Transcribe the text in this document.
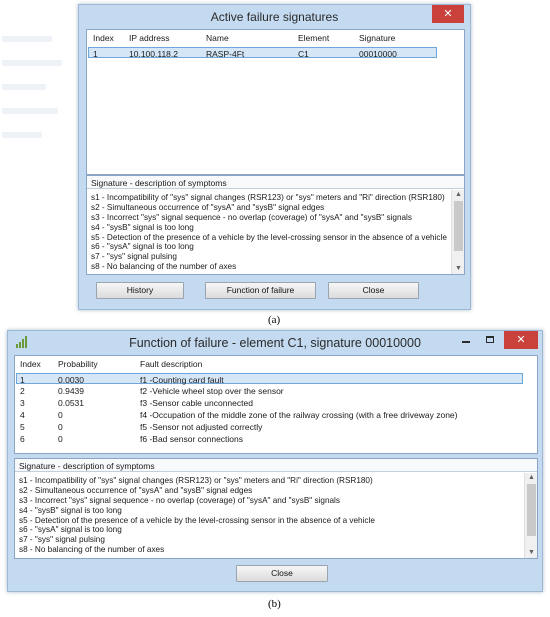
Active failure signatures	✕
Index IP address	Name	Element	Signature
1	10.100.118.2	RASP-4Ft	C1	00010000
Signature - description of symptoms
s1 - Incompatibility of "sys" signal changes (RSR123) or "sys" meters and "Ri" direction (RSR180)
s2 - Simultaneous occurrence of "sysA" and "sysB" signal edges
s3 - Incorrect "sys" signal sequence - no overlap (coverage) of "sysA" and "sysB" signals
s4 - "sysB" signal is too long
s5 - Detection of the presence of a vehicle by the level-crossing sensor in the absence of a vehicle
s6 - "sysA" signal is too long
s7 - "sys" signal pulsing
s8 - No balancing of the number of axes
▲
▼
History	Function of failure	Close
(a)
Function of failure - element C1, signature 00010000	✕
Index Probability	Fault description
1	0.0030	f1 -Counting card fault
2	0.9439	f2 -Vehicle wheel stop over the sensor
3	0.0531	f3 -Sensor cable unconnected
4	0	f4 -Occupation of the middle zone of the railway crossing (with a free driveway zone)
5	0	f5 -Sensor not adjusted correctly
6	0	f6 -Bad sensor connections
Signature - description of symptoms
s1 - Incompatibility of "sys" signal changes (RSR123) or "sys" meters and "Ri" direction (RSR180)
s2 - Simultaneous occurrence of "sysA" and "sysB" signal edges
s3 - Incorrect "sys" signal sequence - no overlap (coverage) of "sysA" and "sysB" signals
s4 - "sysB" signal is too long
s5 - Detection of the presence of a vehicle by the level-crossing sensor in the absence of a vehicle
s6 - "sysA" signal is too long
s7 - "sys" signal pulsing
s8 - No balancing of the number of axes
▲
▼
Close
(b)
